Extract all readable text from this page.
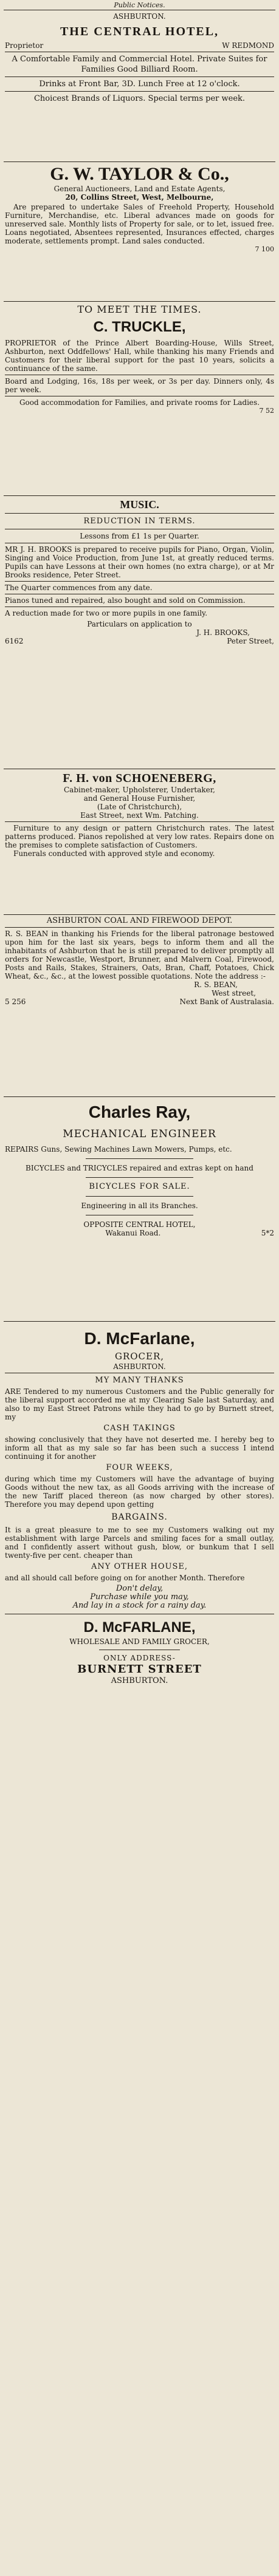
Public Notices.
ASHBURTON.
THE CENTRAL HOTEL,
Proprietor	W REDMOND
A Comfortable Family and Commercial Hotel. Private Suites for Families Good Billiard Room.
Drinks at Front Bar, 3D. Lunch Free at 12 o'clock.
Choicest Brands of Liquors. Special terms per week.
G. W. TAYLOR & Co.,
General Auctioneers, Land and Estate Agents,
20, Collins Street, West, Melbourne,
Are prepared to undertake Sales of Freehold Property, Household Furniture, Merchandise, etc. Liberal advances made on goods for unreserved sale. Monthly lists of Property for sale, or to let, issued free. Loans negotiated, Absentees represented, Insurances effected, charges moderate, settlements prompt. Land sales conducted.
7 100
TO MEET THE TIMES.
C. TRUCKLE,
PROPRIETOR of the Prince Albert Boarding-House, Wills Street, Ashburton, next Oddfellows' Hall, while thanking his many Friends and Customers for their liberal support for the past 10 years, solicits a continuance of the same.
Board and Lodging, 16s, 18s per week, or 3s per day. Dinners only, 4s per week.
Good accommodation for Families, and private rooms for Ladies.
7 52
MUSIC.
REDUCTION IN TERMS.
Lessons from £1 1s per Quarter.
MR J. H. BROOKS is prepared to receive pupils for Piano, Organ, Violin, Singing and Voice Production, from June 1st, at greatly reduced terms. Pupils can have Lessons at their own homes (no extra charge), or at Mr Brooks residence, Peter Street.
The Quarter commences from any date.
Pianos tuned and repaired, also bought and sold on Commission.
A reduction made for two or more pupils in one family.
Particulars on application to
J. H. BROOKS,
6162	Peter Street,
F. H. von SCHOENEBERG,
Cabinet-maker, Upholsterer, Undertaker,
and General House Furnisher,
(Late of Christchurch),
East Street, next Wm. Patching.
Furniture to any design or pattern Christchurch rates. The latest patterns produced. Pianos repolished at very low rates. Repairs done on the premises to complete satisfaction of Customers.
Funerals conducted with approved style and economy.
ASHBURTON COAL AND FIREWOOD DEPOT.
R. S. BEAN in thanking his Friends for the liberal patronage bestowed upon him for the last six years, begs to inform them and all the inhabitants of Ashburton that he is still prepared to deliver promptly all orders for Newcastle, Westport, Brunner, and Malvern Coal, Firewood, Posts and Rails, Stakes, Strainers, Oats, Bran, Chaff, Potatoes, Chick Wheat, &c., &c., at the lowest possible quotations. Note the address :-
R. S. BEAN,
West street,
5 256	Next Bank of Australasia.
Charles Ray,
MECHANICAL ENGINEER
REPAIRS Guns, Sewing Machines Lawn Mowers, Pumps, etc.
BICYCLES and TRICYCLES repaired and extras kept on hand
BICYCLES FOR SALE.
Engineering in all its Branches.
OPPOSITE CENTRAL HOTEL,
Wakanui Road.	5*2
D. McFarlane,
GROCER,
ASHBURTON.
MY MANY THANKS
ARE Tendered to my numerous Customers and the Public generally for the liberal support accorded me at my Clearing Sale last Saturday, and also to my East Street Patrons while they had to go by Burnett street, my
CASH TAKINGS
showing conclusively that they have not deserted me. I hereby beg to inform all that as my sale so far has been such a success I intend continuing it for another
FOUR WEEKS,
during which time my Customers will have the advantage of buying Goods without the new tax, as all Goods arriving with the increase of the new Tariff placed thereon (as now charged by other stores). Therefore you may depend upon getting
BARGAINS.
It is a great pleasure to me to see my Customers walking out my establishment with large Parcels and smiling faces for a small outlay, and I confidently assert without gush, blow, or bunkum that I sell twenty-five per cent. cheaper than
ANY OTHER HOUSE,
and all should call before going on for another Month. Therefore
Don't delay,
Purchase while you may,
And lay in a stock for a rainy day.
D. McFARLANE,
WHOLESALE AND FAMILY GROCER,
ONLY ADDRESS-
BURNETT STREET
ASHBURTON.
